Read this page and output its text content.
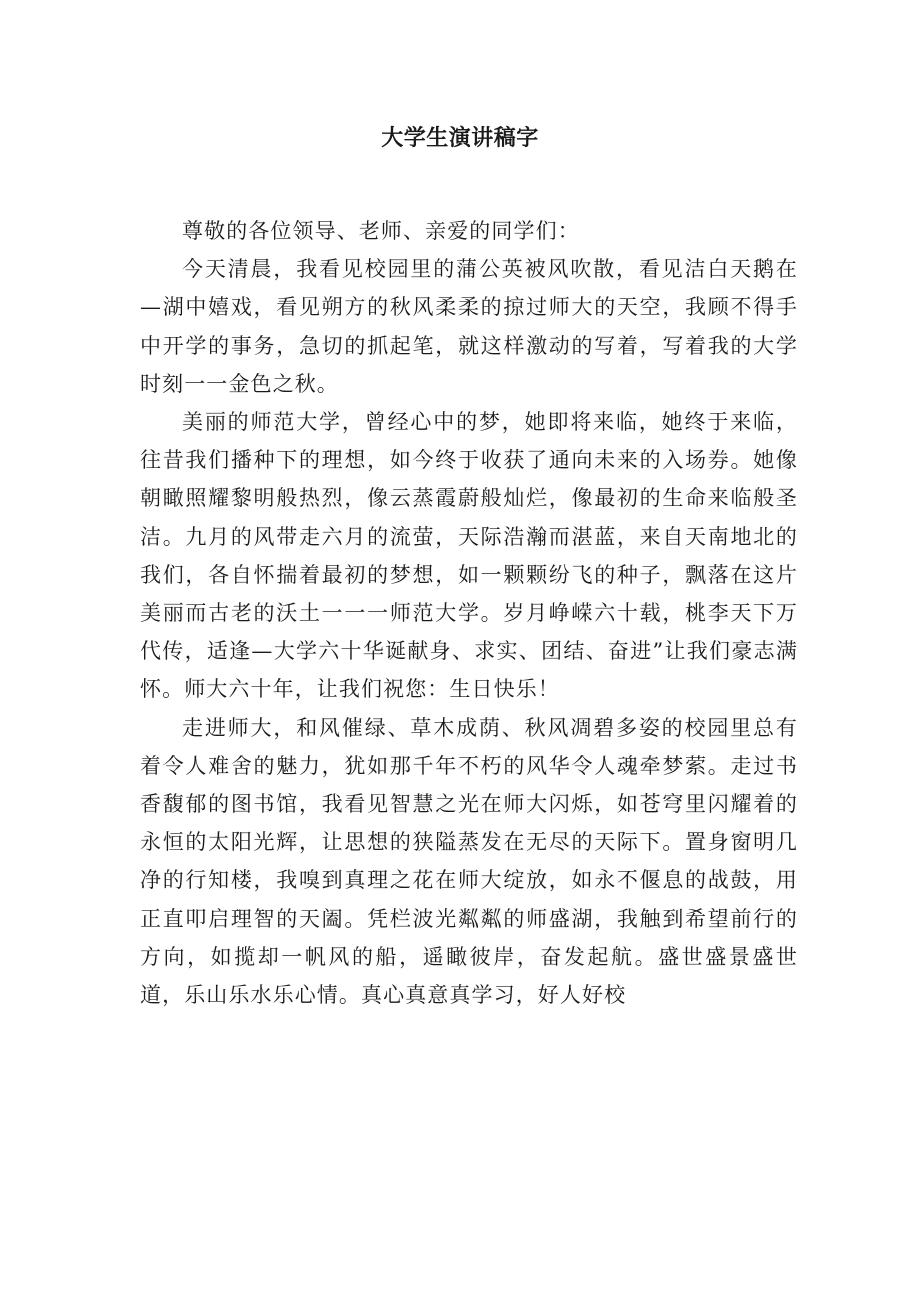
大学生演讲稿字

尊敬的各位领导、老师、亲爱的同学们：

今天清晨，我看见校园里的蒲公英被风吹散，看见洁白天鹅在—湖中嬉戏，看见朔方的秋风柔柔的掠过师大的天空，我顾不得手中开学的事务，急切的抓起笔，就这样激动的写着，写着我的大学时刻一一金色之秋。

美丽的师范大学，曾经心中的梦，她即将来临，她终于来临，往昔我们播种下的理想，如今终于收获了通向未来的入场券。她像朝瞰照耀黎明般热烈，像云蒸霞蔚般灿烂，像最初的生命来临般圣洁。九月的风带走六月的流萤，天际浩瀚而湛蓝，来自天南地北的我们，各自怀揣着最初的梦想，如一颗颗纷飞的种子，飘落在这片美丽而古老的沃土一一一师范大学。岁月峥嵘六十载，桃李天下万代传，适逢—大学六十华诞献身、求实、团结、奋进”让我们豪志满怀。师大六十年，让我们祝您：生日快乐！

走进师大，和风催绿、草木成荫、秋风凋碧多姿的校园里总有着令人难舍的魅力，犹如那千年不朽的风华令人魂牵梦萦。走过书香馥郁的图书馆，我看见智慧之光在师大闪烁，如苍穹里闪耀着的永恒的太阳光辉，让思想的狭隘蒸发在无尽的天际下。置身窗明几净的行知楼，我嗅到真理之花在师大绽放，如永不偃息的战鼓，用正直叩启理智的天阖。凭栏波光粼粼的师盛湖，我触到希望前行的方向，如揽却一帆风的船，遥瞰彼岸，奋发起航。盛世盛景盛世道，乐山乐水乐心情。真心真意真学习，好人好校
